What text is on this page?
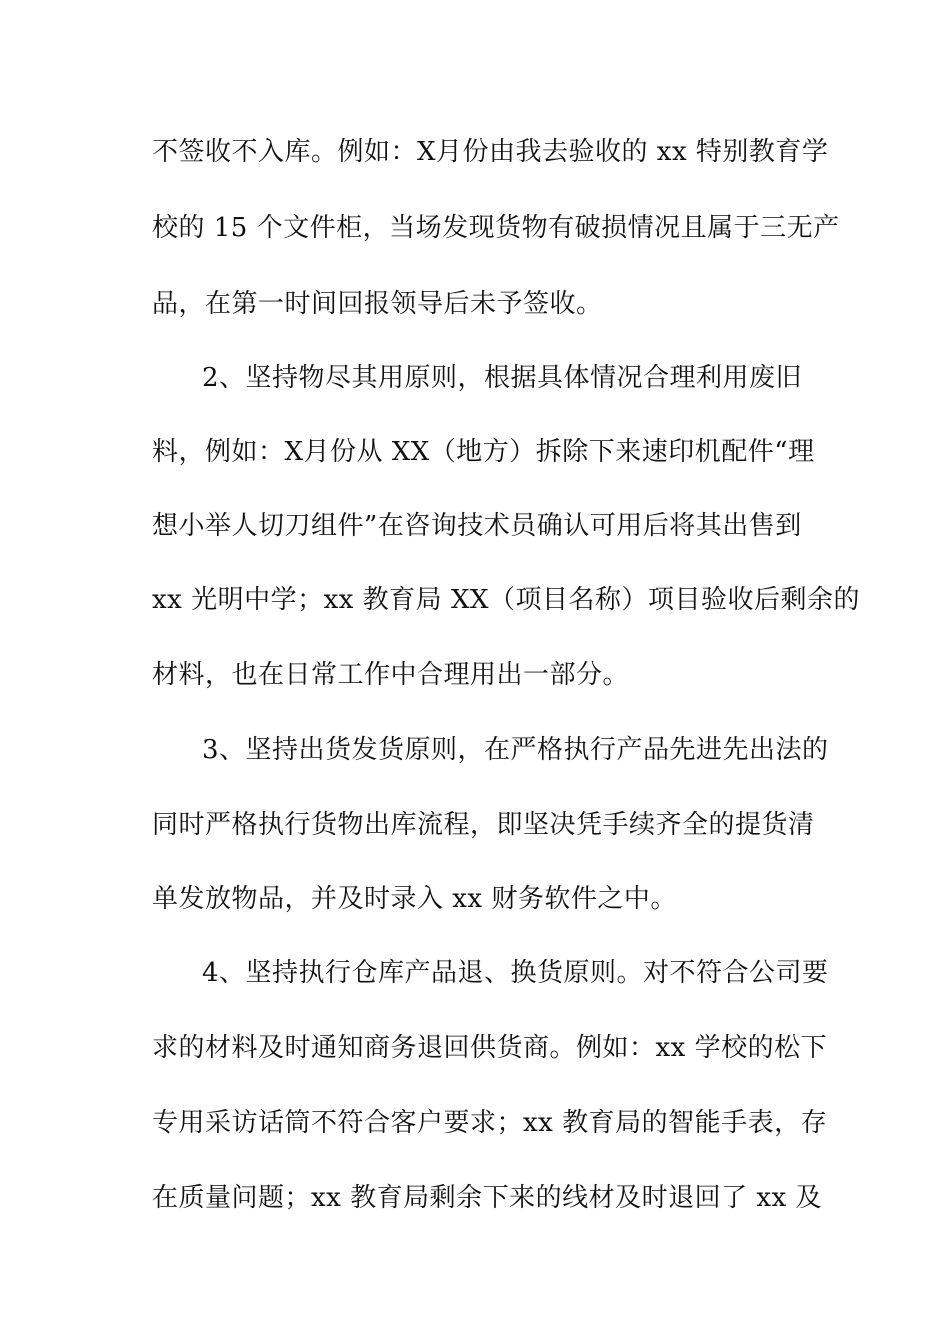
不签收不入库。例如：X月份由我去验收的 xx 特别教育学

校的 15 个文件柜，当场发现货物有破损情况且属于三无产

品，在第一时间回报领导后未予签收。

2、坚持物尽其用原则，根据具体情况合理利用废旧

料，例如：X月份从 XX（地方）拆除下来速印机配件“理

想小举人切刀组件”在咨询技术员确认可用后将其出售到

xx 光明中学；xx 教育局 XX（项目名称）项目验收后剩余的

材料，也在日常工作中合理用出一部分。

3、坚持出货发货原则，在严格执行产品先进先出法的

同时严格执行货物出库流程，即坚决凭手续齐全的提货清

单发放物品，并及时录入 xx 财务软件之中。

4、坚持执行仓库产品退、换货原则。对不符合公司要

求的材料及时通知商务退回供货商。例如：xx 学校的松下

专用采访话筒不符合客户要求；xx 教育局的智能手表，存

在质量问题；xx 教育局剩余下来的线材及时退回了 xx 及
